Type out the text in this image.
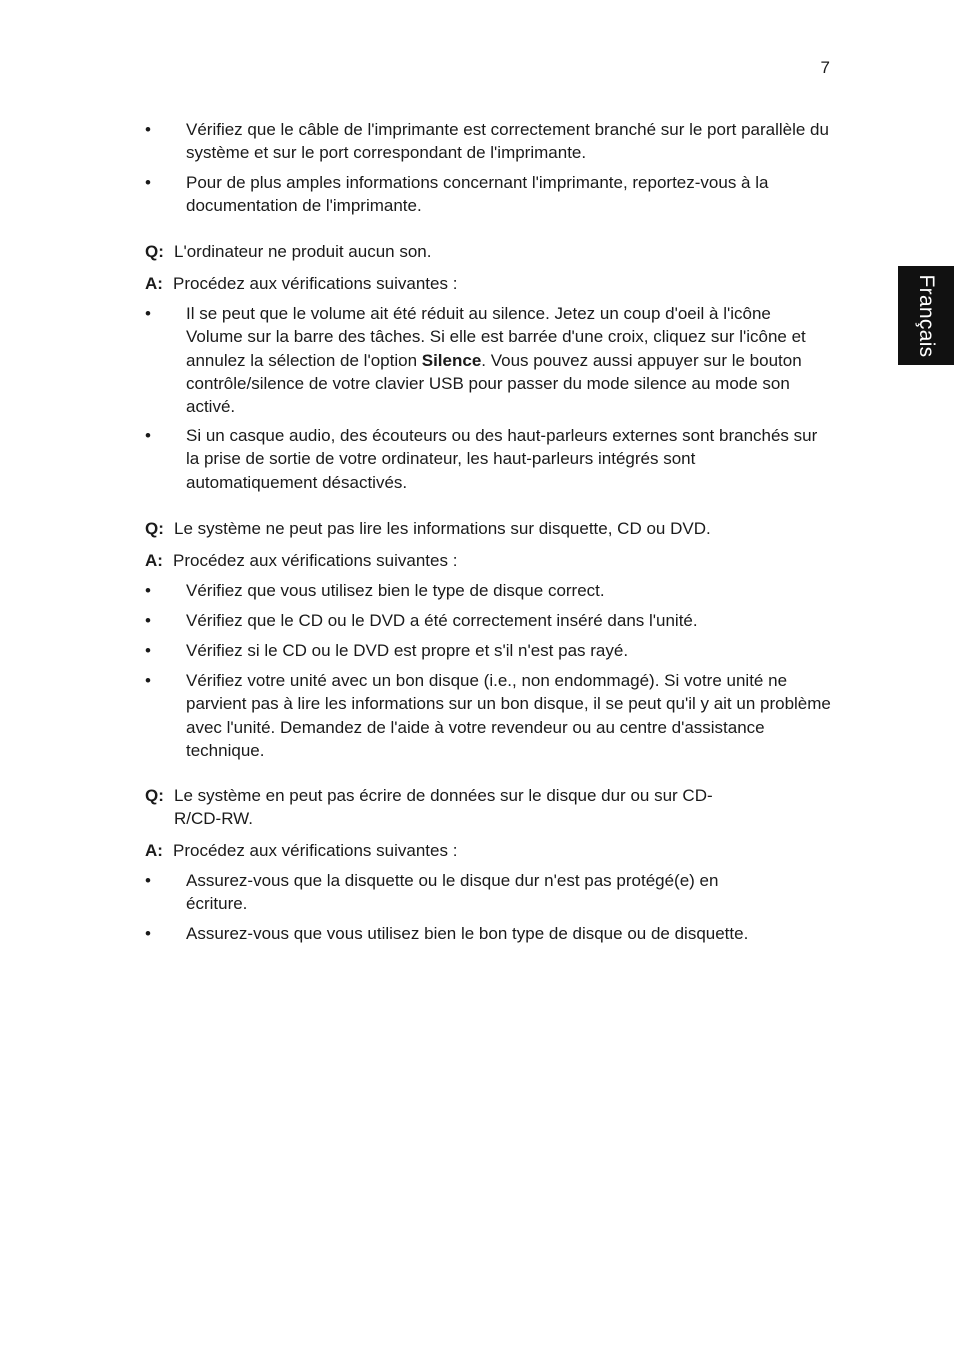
7
Français
• Vérifiez que le câble de l'imprimante est correctement branché sur le port parallèle du système et sur le port correspondant de l'imprimante.
• Pour de plus amples informations concernant l'imprimante, reportez-vous à la documentation de l'imprimante.
Q: L'ordinateur ne produit aucun son.
A: Procédez aux vérifications suivantes :
• Il se peut que le volume ait été réduit au silence. Jetez un coup d'oeil à l'icône Volume sur la barre des tâches. Si elle est barrée d'une croix, cliquez sur l'icône et annulez la sélection de l'option Silence. Vous pouvez aussi appuyer sur le bouton contrôle/silence de votre clavier USB pour passer du mode silence au mode son activé.
• Si un casque audio, des écouteurs ou des haut-parleurs externes sont branchés sur la prise de sortie de votre ordinateur, les haut-parleurs intégrés sont automatiquement désactivés.
Q: Le système ne peut pas lire les informations sur disquette, CD ou DVD.
A: Procédez aux vérifications suivantes :
• Vérifiez que vous utilisez bien le type de disque correct.
• Vérifiez que le CD ou le DVD a été correctement inséré dans l'unité.
• Vérifiez si le CD ou le DVD est propre et s'il n'est pas rayé.
• Vérifiez votre unité avec un bon disque (i.e., non endommagé). Si votre unité ne parvient pas à lire les informations sur un bon disque, il se peut qu'il y ait un problème avec l'unité. Demandez de l'aide à votre revendeur ou au centre d'assistance technique.
Q: Le système en peut pas écrire de données sur le disque dur ou sur CD-R/CD-RW.
A: Procédez aux vérifications suivantes :
• Assurez-vous que la disquette ou le disque dur n'est pas protégé(e) en écriture.
• Assurez-vous que vous utilisez bien le bon type de disque ou de disquette.
